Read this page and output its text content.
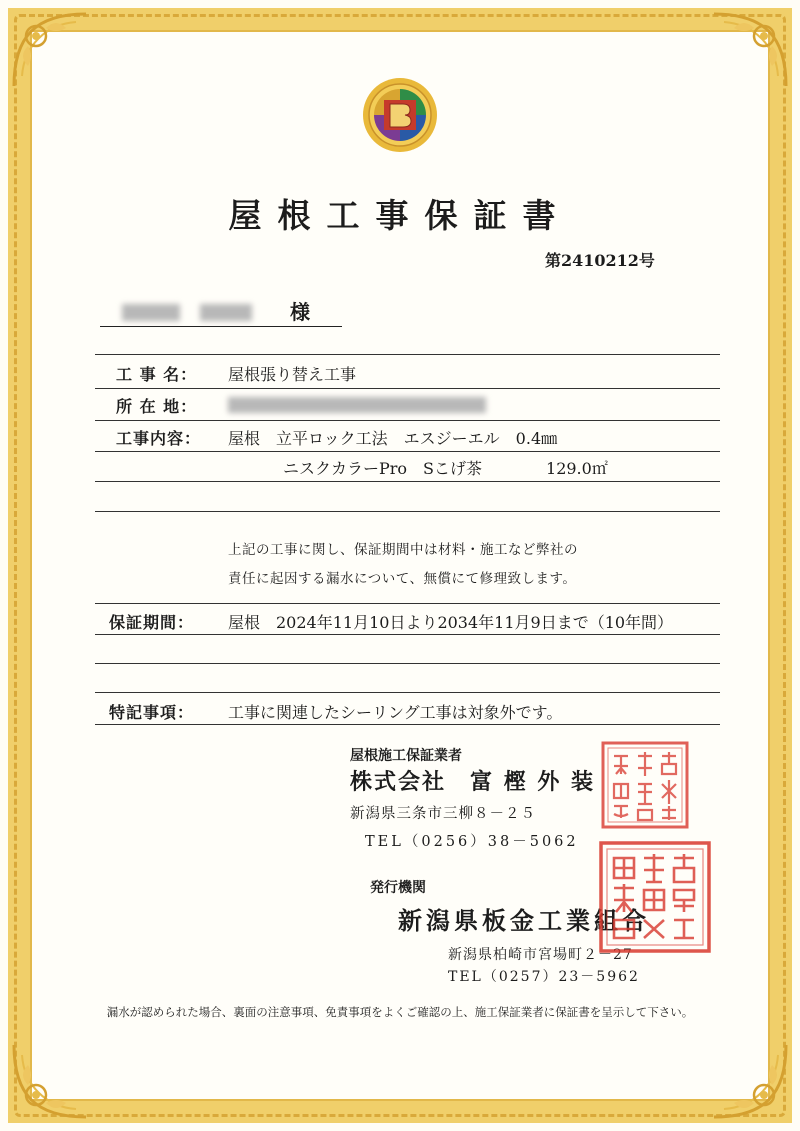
屋根工事保証書
第2410212号
様
工 事 名： 屋根張り替え工事
所 在 地：
工事内容： 屋根　立平ロック工法　エスジーエル　0.4㎜
ニスクカラーPro　Sこげ茶　　　　129.0㎡
上記の工事に関し、保証期間中は材料・施工など弊社の
責任に起因する漏水について、無償にて修理致します。
保証期間： 屋根　2024年11月10日より2034年11月9日まで（10年間）
特記事項： 工事に関連したシーリング工事は対象外です。
屋根施工保証業者
株式会社　富 樫 外 装
新潟県三条市三柳８－２５
TEL（0256）38－5062
発行機関
新潟県板金工業組合
新潟県柏崎市宮場町２－27
TEL（0257）23－5962
漏水が認められた場合、裏面の注意事項、免責事項をよくご確認の上、施工保証業者に保証書を呈示して下さい。
